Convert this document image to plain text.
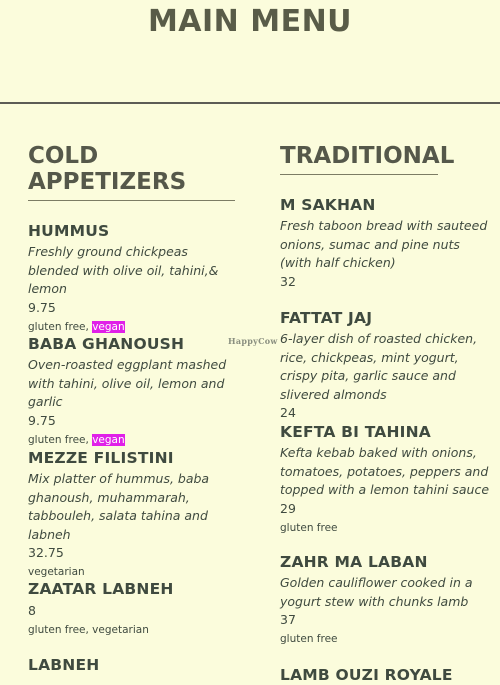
MAIN MENU
COLD
APPETIZERS
HUMMUS
Freshly ground chickpeas blended with olive oil, tahini,& lemon
9.75
gluten free, vegan
BABA GHANOUSH
Oven-roasted eggplant mashed with tahini, olive oil, lemon and garlic
9.75
gluten free, vegan
MEZZE FILISTINI
Mix platter of hummus, baba ghanoush, muhammarah, tabbouleh, salata tahina and labneh
32.75
vegetarian
ZAATAR LABNEH
8
gluten free, vegetarian
LABNEH
HappyCow
TRADITIONAL
M SAKHAN
Fresh taboon bread with sauteed onions, sumac and pine nuts (with half chicken)
32
FATTAT JAJ
6-layer dish of roasted chicken, rice, chickpeas, mint yogurt, crispy pita, garlic sauce and slivered almonds
24
KEFTA BI TAHINA
Kefta kebab baked with onions, tomatoes, potatoes, peppers and topped with a lemon tahini sauce
29
gluten free
ZAHR MA LABAN
Golden cauliflower cooked in a yogurt stew with chunks lamb
37
gluten free
LAMB OUZI ROYALE
